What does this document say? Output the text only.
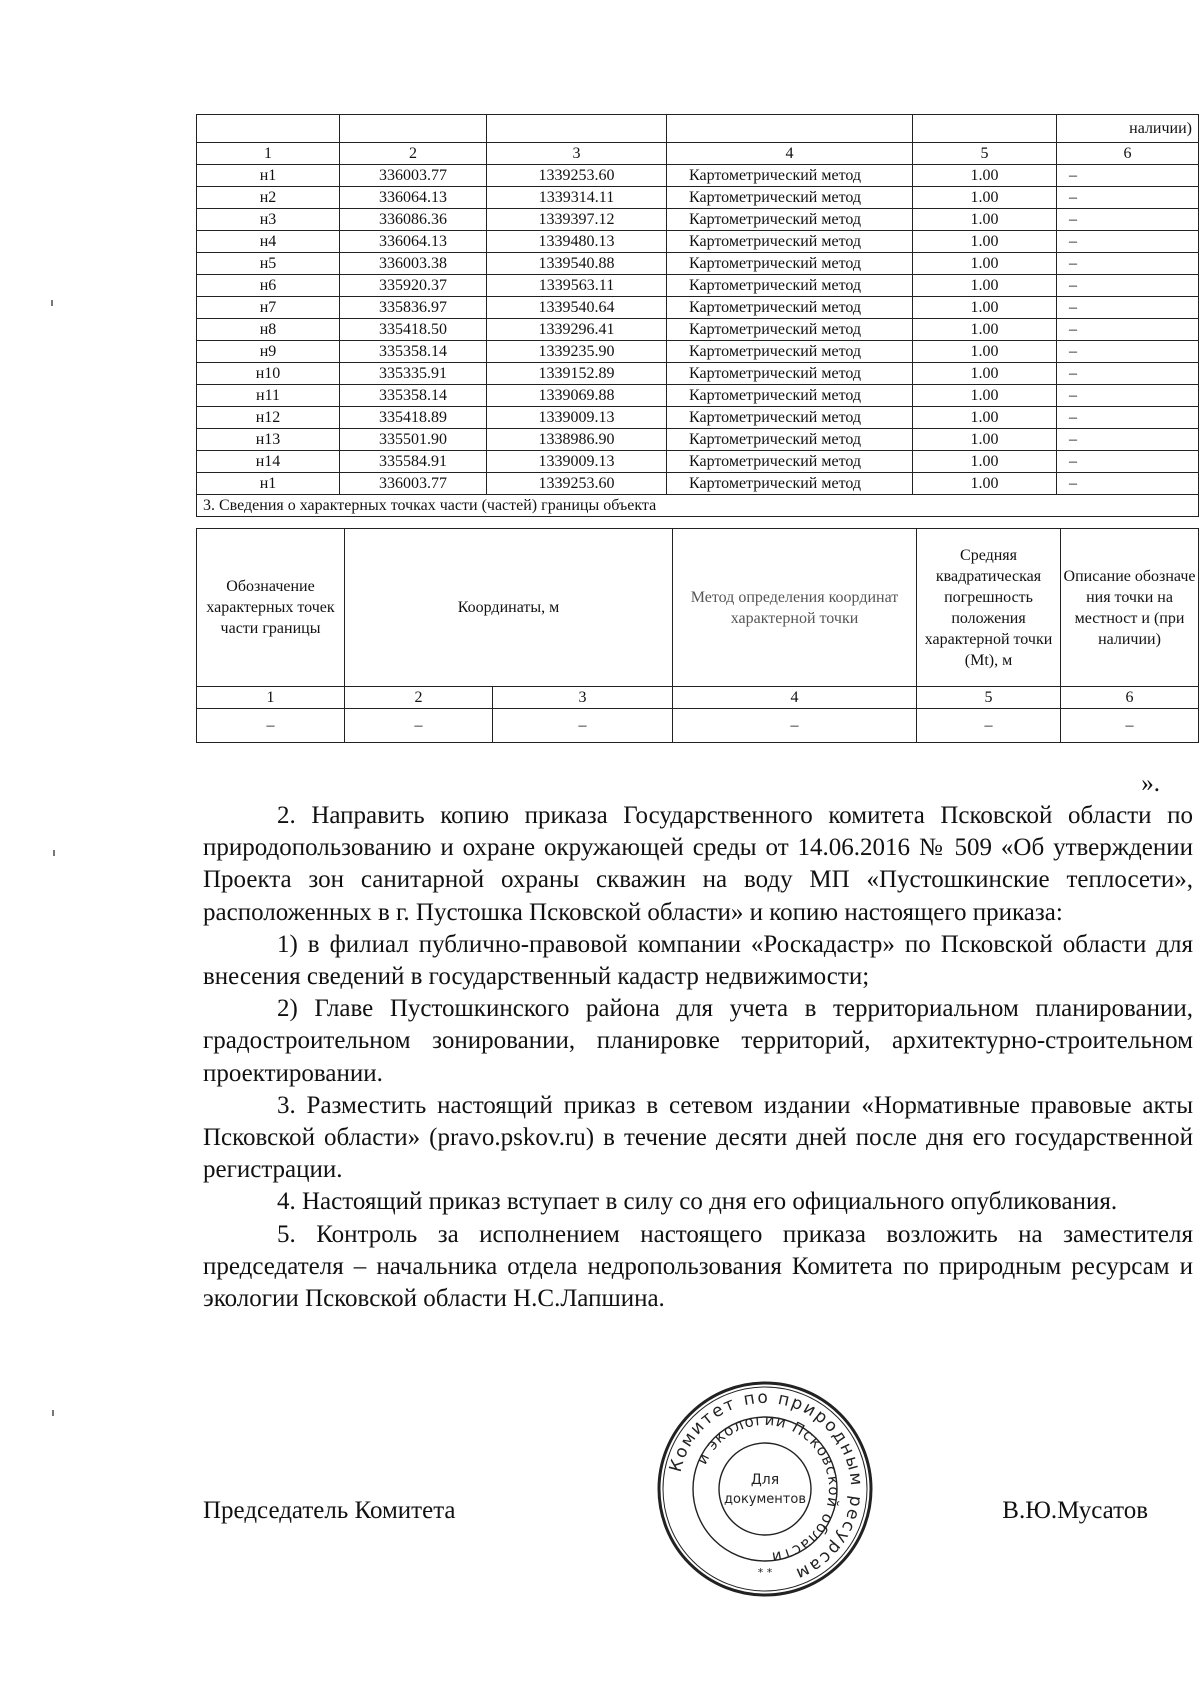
					наличии)
1	2	3	4	5	6
н1	336003.77	1339253.60	Картометрический метод	1.00	–
н2	336064.13	1339314.11	Картометрический метод	1.00	–
н3	336086.36	1339397.12	Картометрический метод	1.00	–
н4	336064.13	1339480.13	Картометрический метод	1.00	–
н5	336003.38	1339540.88	Картометрический метод	1.00	–
н6	335920.37	1339563.11	Картометрический метод	1.00	–
н7	335836.97	1339540.64	Картометрический метод	1.00	–
н8	335418.50	1339296.41	Картометрический метод	1.00	–
н9	335358.14	1339235.90	Картометрический метод	1.00	–
н10	335335.91	1339152.89	Картометрический метод	1.00	–
н11	335358.14	1339069.88	Картометрический метод	1.00	–
н12	335418.89	1339009.13	Картометрический метод	1.00	–
н13	335501.90	1338986.90	Картометрический метод	1.00	–
н14	335584.91	1339009.13	Картометрический метод	1.00	–
н1	336003.77	1339253.60	Картометрический метод	1.00	–
3. Сведения о характерных точках части (частей) границы объекта					
Обозначение характерных точек части границы	Координаты, м		Метод определения координат характерной точки	Средняя квадратическая погрешность положения характерной точки (Mt), м	Описание обозначе ния точки на местност и (при наличии)
1	2	3	4	5	6
–	–	–	–	–	–
».

2. Направить копию приказа Государственного комитета Псковской области по природопользованию и охране окружающей среды от 14.06.2016 № 509 «Об утверждении Проекта зон санитарной охраны скважин на воду МП «Пустошкинские теплосети», расположенных в г. Пустошка Псковской области» и копию настоящего приказа:

1) в филиал публично-правовой компании «Роскадастр» по Псковской области для внесения сведений в государственный кадастр недвижимости;

2) Главе Пустошкинского района для учета в территориальном планировании, градостроительном зонировании, планировке территорий, архитектурно-строительном проектировании.

3. Разместить настоящий приказ в сетевом издании «Нормативные правовые акты Псковской области» (pravo.pskov.ru) в течение десяти дней после дня его государственной регистрации.

4. Настоящий приказ вступает в силу со дня его официального опубликования.

5. Контроль за исполнением настоящего приказа возложить на заместителя председателя – начальника отдела недропользования Комитета по природным ресурсам и экологии Псковской области Н.С.Лапшина.

Председатель Комитета	В.Ю.Мусатов
Комитет по природным ресурсам
и экологии Псковской области
Для
документов
* *
